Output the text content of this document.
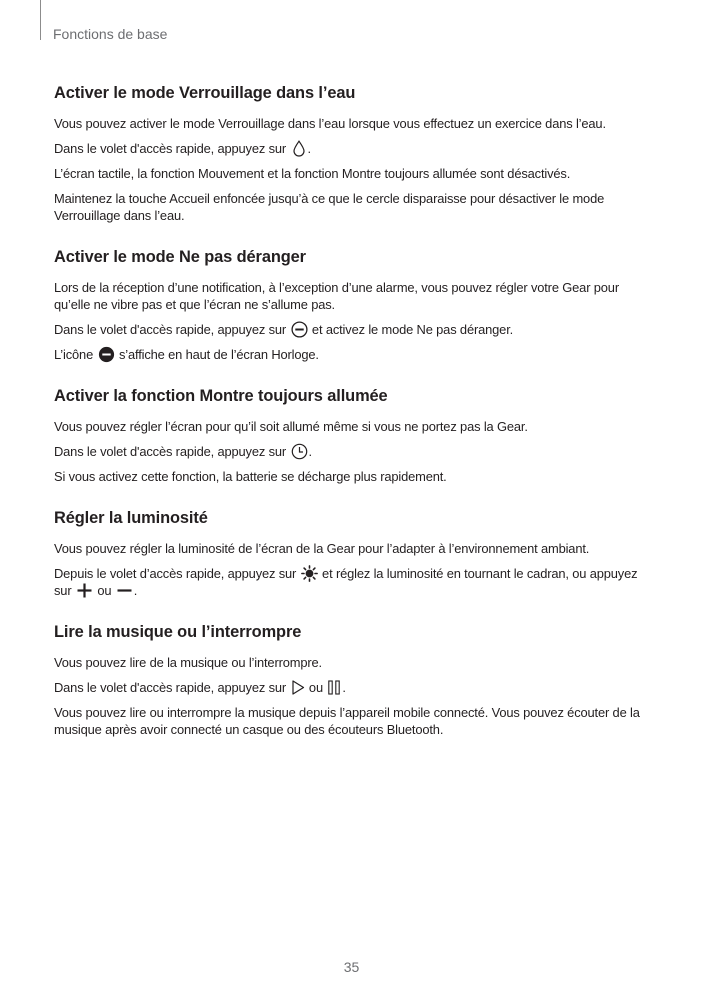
Fonctions de base
Activer le mode Verrouillage dans l’eau

Vous pouvez activer le mode Verrouillage dans l’eau lorsque vous effectuez un exercice dans l’eau.

Dans le volet d'accès rapide, appuyez sur
.

L’écran tactile, la fonction Mouvement et la fonction Montre toujours allumée sont désactivés.

Maintenez la touche Accueil enfoncée jusqu’à ce que le cercle disparaisse pour désactiver le mode Verrouillage dans l’eau.

Activer le mode Ne pas déranger

Lors de la réception d’une notification, à l’exception d’une alarme, vous pouvez régler votre Gear pour qu’elle ne vibre pas et que l’écran ne s’allume pas.

Dans le volet d'accès rapide, appuyez sur
et activez le mode Ne pas déranger.

L’icône
s’affiche en haut de l’écran Horloge.

Activer la fonction Montre toujours allumée

Vous pouvez régler l’écran pour qu’il soit allumé même si vous ne portez pas la Gear.

Dans le volet d'accès rapide, appuyez sur
.

Si vous activez cette fonction, la batterie se décharge plus rapidement.

Régler la luminosité

Vous pouvez régler la luminosité de l’écran de la Gear pour l’adapter à l’environnement ambiant.

Depuis le volet d’accès rapide, appuyez sur
et réglez la luminosité en tournant le cadran, ou appuyez sur
ou
.

Lire la musique ou l’interrompre

Vous pouvez lire de la musique ou l’interrompre.

Dans le volet d'accès rapide, appuyez sur
ou
.

Vous pouvez lire ou interrompre la musique depuis l’appareil mobile connecté. Vous pouvez écouter de la musique après avoir connecté un casque ou des écouteurs Bluetooth.

35
